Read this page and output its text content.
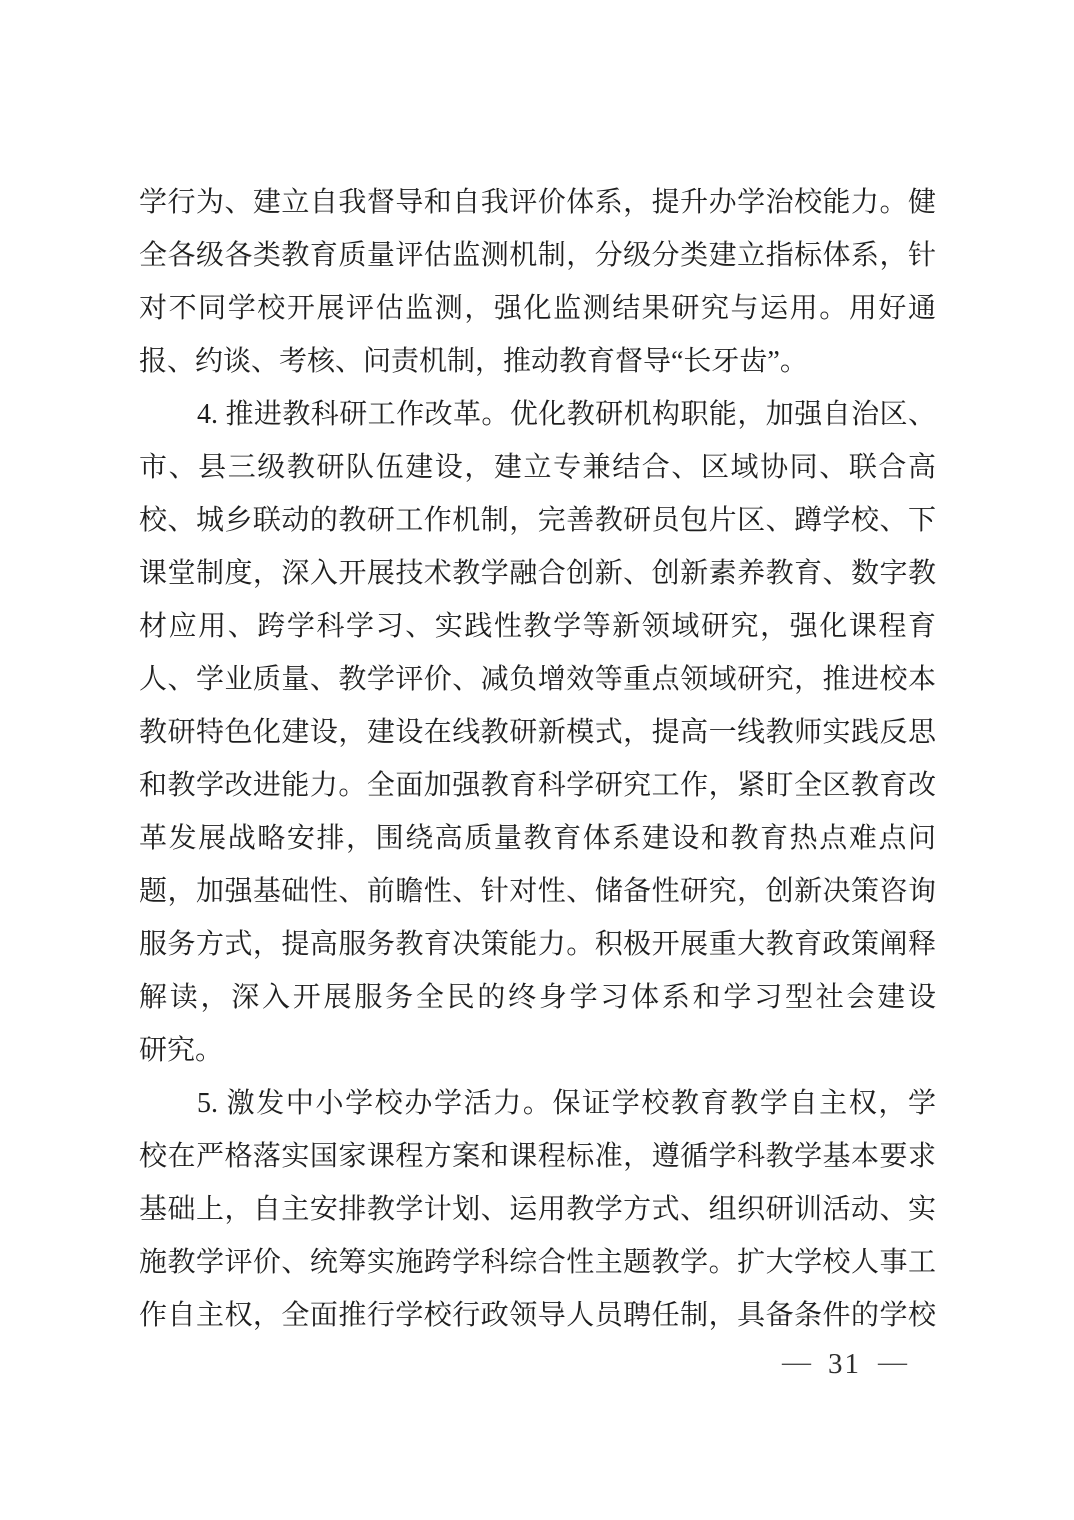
学行为、建立自我督导和自我评价体系，提升办学治校能力。健
全各级各类教育质量评估监测机制，分级分类建立指标体系，针
对不同学校开展评估监测，强化监测结果研究与运用。用好通
报、约谈、考核、问责机制，推动教育督导“长牙齿”。
4. 推进教科研工作改革。优化教研机构职能，加强自治区、
市、县三级教研队伍建设，建立专兼结合、区域协同、联合高
校、城乡联动的教研工作机制，完善教研员包片区、蹲学校、下
课堂制度，深入开展技术教学融合创新、创新素养教育、数字教
材应用、跨学科学习、实践性教学等新领域研究，强化课程育
人、学业质量、教学评价、减负增效等重点领域研究，推进校本
教研特色化建设，建设在线教研新模式，提高一线教师实践反思
和教学改进能力。全面加强教育科学研究工作，紧盯全区教育改
革发展战略安排，围绕高质量教育体系建设和教育热点难点问
题，加强基础性、前瞻性、针对性、储备性研究，创新决策咨询
服务方式，提高服务教育决策能力。积极开展重大教育政策阐释
解读，深入开展服务全民的终身学习体系和学习型社会建设
研究。
5. 激发中小学校办学活力。保证学校教育教学自主权，学
校在严格落实国家课程方案和课程标准，遵循学科教学基本要求
基础上，自主安排教学计划、运用教学方式、组织研训活动、实
施教学评价、统筹实施跨学科综合性主题教学。扩大学校人事工
作自主权，全面推行学校行政领导人员聘任制，具备条件的学校
— 31 —
